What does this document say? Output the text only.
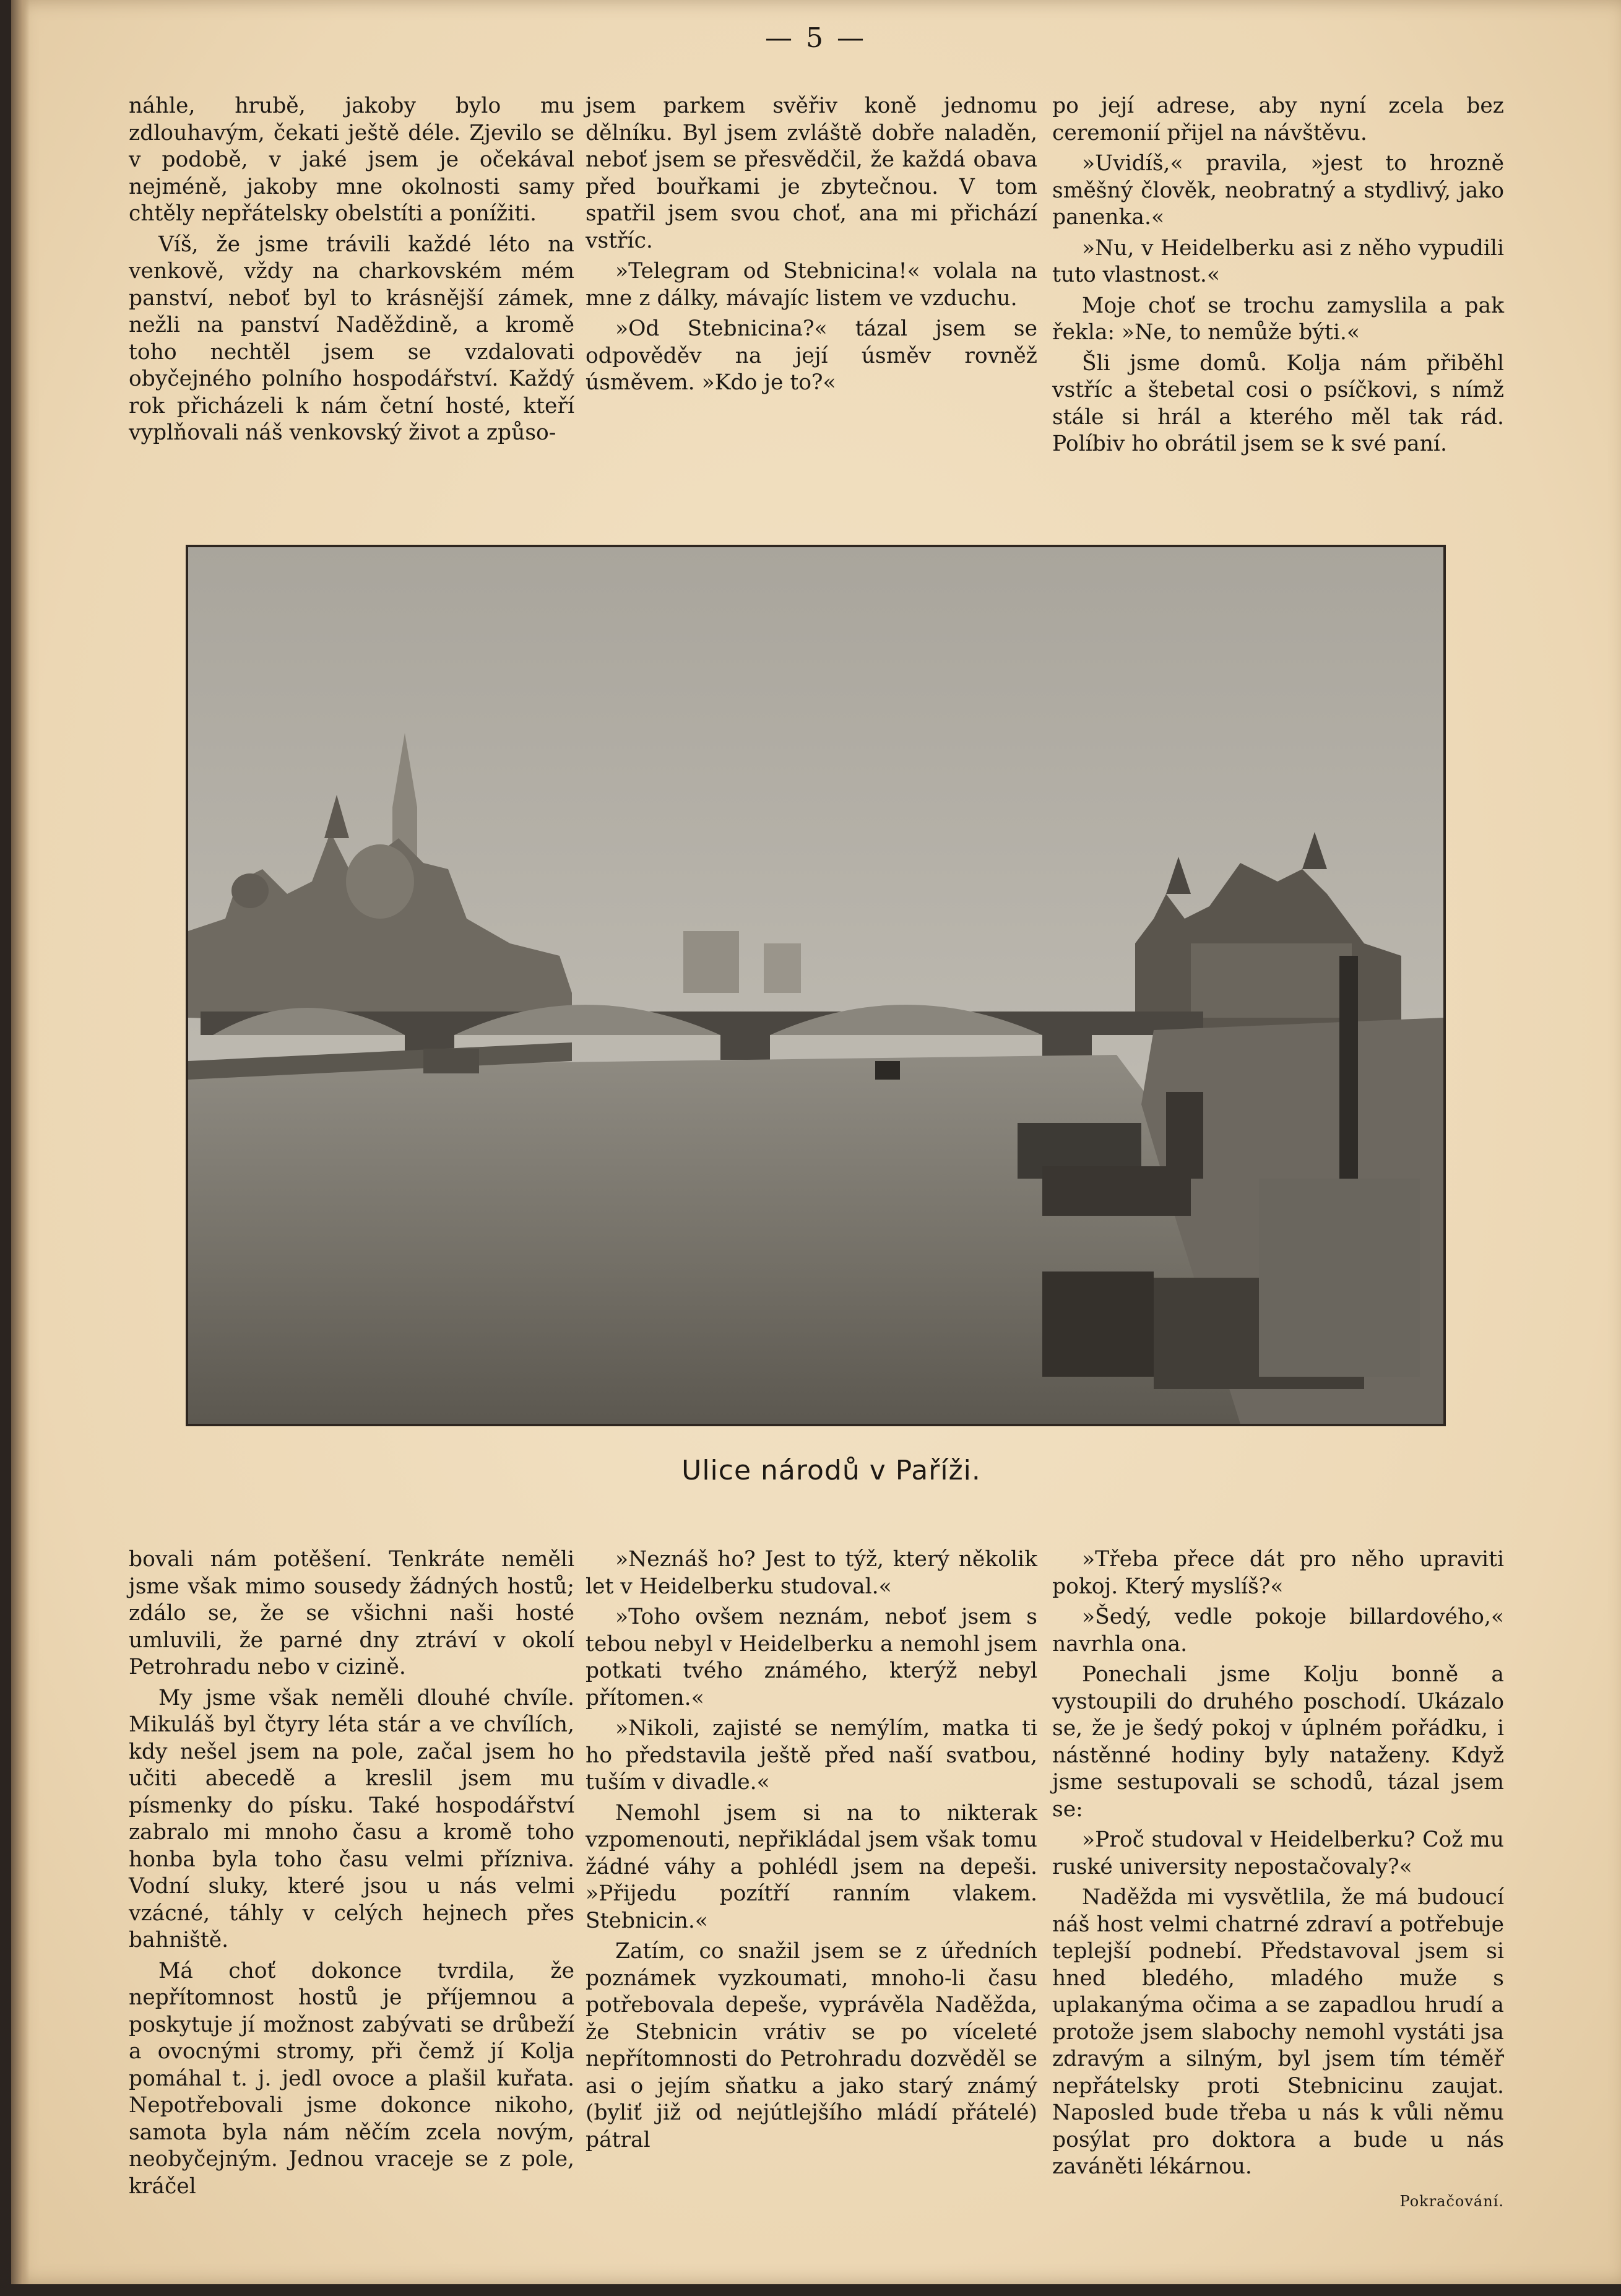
— 5 —

náhle, hrubě, jakoby bylo mu zdlouhavým, čekati ještě déle. Zjevilo se v podobě, v jaké jsem je očekával nejméně, jakoby mne okolnosti samy chtěly nepřátelsky obelstíti a ponížiti.

Víš, že jsme trávili každé léto na venkově, vždy na charkovském mém panství, neboť byl to krásnější zámek, nežli na panství Naděždině, a kromě toho nechtěl jsem se vzdalovati obyčejného polního hospodářství. Každý rok přicházeli k nám četní hosté, kteří vyplňovali náš venkovský život a způso-

jsem parkem svěřiv koně jednomu dělníku. Byl jsem zvláště dobře naladěn, neboť jsem se přesvědčil, že každá obava před bouřkami je zbytečnou. V tom spatřil jsem svou choť, ana mi přichází vstříc.

»Telegram od Stebnicina!« volala na mne z dálky, mávajíc listem ve vzduchu.

»Od Stebnicina?« tázal jsem se odpověděv na její úsměv rovněž úsměvem. »Kdo je to?«

po její adrese, aby nyní zcela bez ceremonií přijel na návštěvu.

»Uvidíš,« pravila, »jest to hrozně směšný člověk, neobratný a stydlivý, jako panenka.«

»Nu, v Heidelberku asi z něho vypudili tuto vlastnost.«

Moje choť se trochu zamyslila a pak řekla: »Ne, to nemůže býti.«

Šli jsme domů. Kolja nám přiběhl vstříc a štebetal cosi o psíčkovi, s nímž stále si hrál a kterého měl tak rád. Políbiv ho obrátil jsem se k své paní.

Ulice národů v Paříži.

bovali nám potěšení. Tenkráte neměli jsme však mimo sousedy žádných hostů; zdálo se, že se všichni naši hosté umluvili, že parné dny ztráví v okolí Petrohradu nebo v cizině.

My jsme však neměli dlouhé chvíle. Mikuláš byl čtyry léta stár a ve chvílích, kdy nešel jsem na pole, začal jsem ho učiti abecedě a kreslil jsem mu písmenky do písku. Také hospodářství zabralo mi mnoho času a kromě toho honba byla toho času velmi přízniva. Vodní sluky, které jsou u nás velmi vzácné, táhly v celých hejnech přes bahniště.

Má choť dokonce tvrdila, že nepřítomnost hostů je příjemnou a poskytuje jí možnost zabývati se drůbeží a ovocnými stromy, při čemž jí Kolja pomáhal t. j. jedl ovoce a plašil kuřata. Nepotřebovali jsme dokonce nikoho, samota byla nám něčím zcela novým, neobyčejným. Jednou vraceje se z pole, kráčel

»Neznáš ho? Jest to týž, který několik let v Heidelberku studoval.«

»Toho ovšem neznám, neboť jsem s tebou nebyl v Heidelberku a nemohl jsem potkati tvého známého, kterýž nebyl přítomen.«

»Nikoli, zajisté se nemýlím, matka ti ho představila ještě před naší svatbou, tuším v divadle.«

Nemohl jsem si na to nikterak vzpomenouti, nepřikládal jsem však tomu žádné váhy a pohlédl jsem na depeši. »Přijedu pozítří ranním vlakem. Stebnicin.«

Zatím, co snažil jsem se z úředních poznámek vyzkoumati, mnoho-li času potřebovala depeše, vyprávěla Naděžda, že Stebnicin vrátiv se po víceleté nepřítomnosti do Petrohradu dozvěděl se asi o jejím sňatku a jako starý známý (byliť již od nejútlejšího mládí přátelé) pátral

»Třeba přece dát pro něho upraviti pokoj. Který myslíš?«

»Šedý, vedle pokoje billardového,« navrhla ona.

Ponechali jsme Kolju bonně a vystoupili do druhého poschodí. Ukázalo se, že je šedý pokoj v úplném pořádku, i nástěnné hodiny byly nataženy. Když jsme sestupovali se schodů, tázal jsem se:

»Proč studoval v Heidelberku? Což mu ruské university nepostačovaly?«

Naděžda mi vysvětlila, že má budoucí náš host velmi chatrné zdraví a potřebuje teplejší podnebí. Představoval jsem si hned bledého, mladého muže s uplakanýma očima a se zapadlou hrudí a protože jsem slabochy nemohl vystáti jsa zdravým a silným, byl jsem tím téměř nepřátelsky proti Stebnicinu zaujat. Naposled bude třeba u nás k vůli němu posýlat pro doktora a bude u nás zaváněti lékárnou.

Pokračování.
